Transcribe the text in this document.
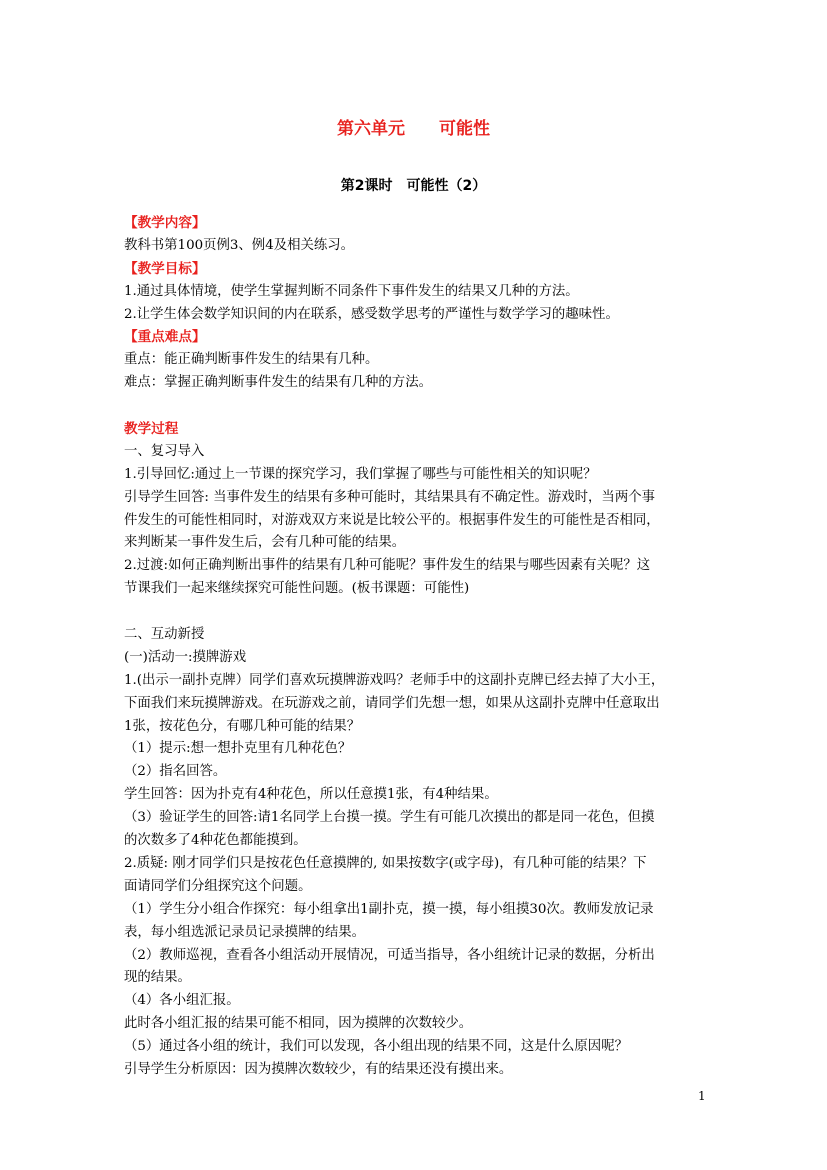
第六单元　　可能性
第2课时　可能性（2）
【教学内容】
教科书第100页例3、例4及相关练习。
【教学目标】
1.通过具体情境，使学生掌握判断不同条件下事件发生的结果又几种的方法。
2.让学生体会数学知识间的内在联系，感受数学思考的严谨性与数学学习的趣味性。
【重点难点】
重点：能正确判断事件发生的结果有几种。
难点：掌握正确判断事件发生的结果有几种的方法。
教学过程
一、复习导入
1.引导回忆:通过上一节课的探究学习，我们掌握了哪些与可能性相关的知识呢？
引导学生回答: 当事件发生的结果有多种可能时，其结果具有不确定性。游戏时，当两个事
件发生的可能性相同时，对游戏双方来说是比较公平的。根据事件发生的可能性是否相同，
来判断某一事件发生后，会有几种可能的结果。
2.过渡:如何正确判断出事件的结果有几种可能呢？事件发生的结果与哪些因素有关呢？这
节课我们一起来继续探究可能性问题。(板书课题：可能性)
二、互动新授
(一)活动一:摸牌游戏
1.(出示一副扑克牌）同学们喜欢玩摸牌游戏吗？老师手中的这副扑克牌已经去掉了大小王，
下面我们来玩摸牌游戏。在玩游戏之前，请同学们先想一想，如果从这副扑克牌中任意取出
1张，按花色分，有哪几种可能的结果？
（1）提示:想一想扑克里有几种花色？
（2）指名回答。
学生回答：因为扑克有4种花色，所以任意摸1张，有4种结果。
（3）验证学生的回答:请1名同学上台摸一摸。学生有可能几次摸出的都是同一花色，但摸
的次数多了4种花色都能摸到。
2.质疑: 刚才同学们只是按花色任意摸牌的, 如果按数字(或字母)，有几种可能的结果？下
面请同学们分组探究这个问题。
（1）学生分小组合作探究：每小组拿出1副扑克，摸一摸，每小组摸30次。教师发放记录
表，每小组选派记录员记录摸牌的结果。
（2）教师巡视，查看各小组活动开展情况，可适当指导，各小组统计记录的数据，分析出
现的结果。
（4）各小组汇报。
此时各小组汇报的结果可能不相同，因为摸牌的次数较少。
（5）通过各小组的统计，我们可以发现，各小组出现的结果不同，这是什么原因呢？
引导学生分析原因：因为摸牌次数较少，有的结果还没有摸出来。
1
